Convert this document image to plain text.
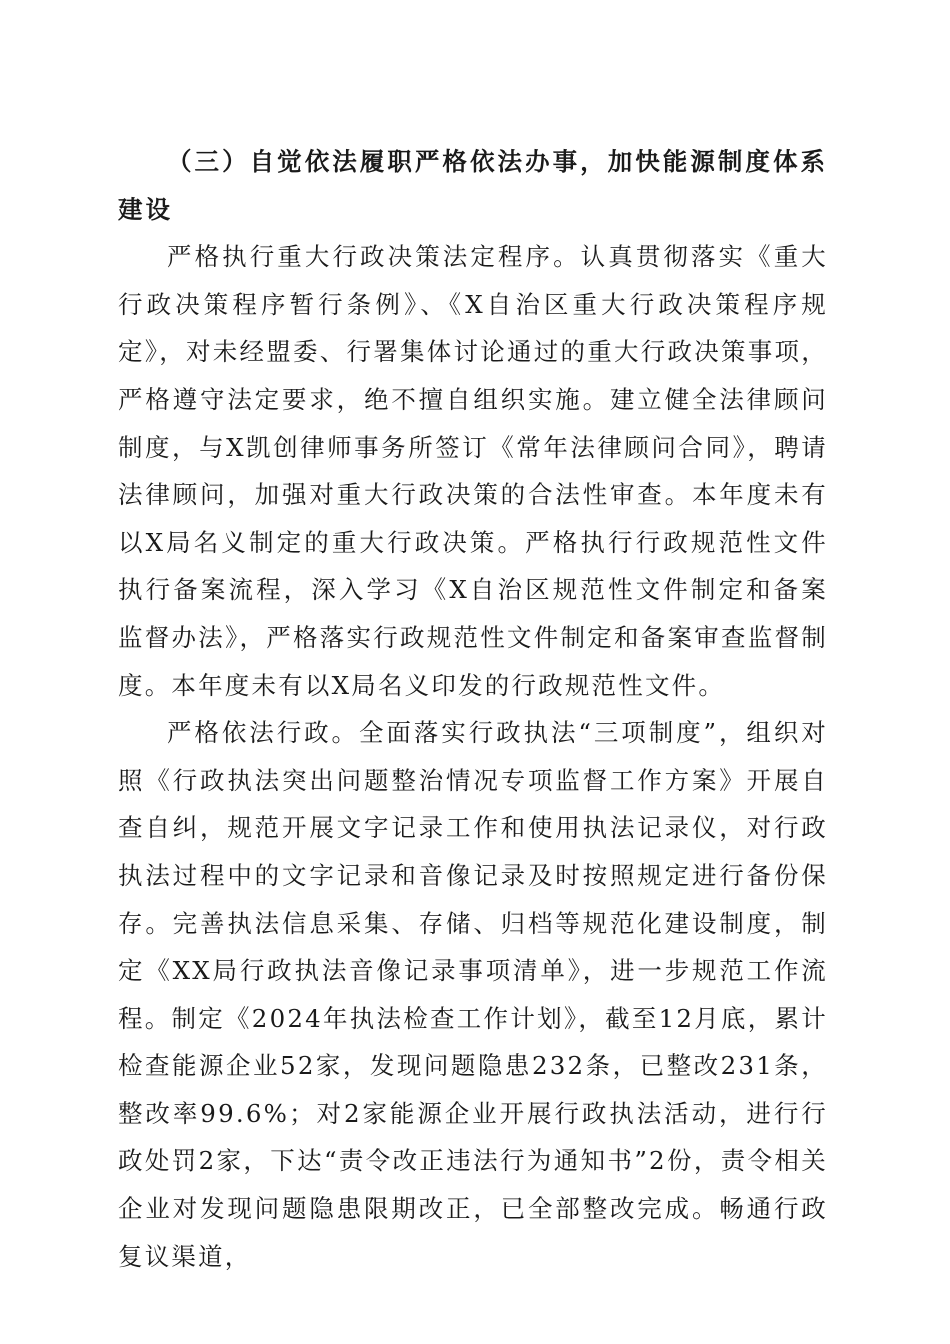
（三）自觉依法履职严格依法办事，加快能源制度体系建设

严格执行重大行政决策法定程序。认真贯彻落实《重大行政决策程序暂行条例》、《X自治区重大行政决策程序规定》，对未经盟委、行署集体讨论通过的重大行政决策事项，严格遵守法定要求，绝不擅自组织实施。建立健全法律顾问制度，与X凯创律师事务所签订《常年法律顾问合同》，聘请法律顾问，加强对重大行政决策的合法性审查。本年度未有以X局名义制定的重大行政决策。严格执行行政规范性文件执行备案流程，深入学习《X自治区规范性文件制定和备案监督办法》，严格落实行政规范性文件制定和备案审查监督制度。本年度未有以X局名义印发的行政规范性文件。

严格依法行政。全面落实行政执法“三项制度”，组织对照《行政执法突出问题整治情况专项监督工作方案》开展自查自纠，规范开展文字记录工作和使用执法记录仪，对行政执法过程中的文字记录和音像记录及时按照规定进行备份保存。完善执法信息采集、存储、归档等规范化建设制度，制定《XX局行政执法音像记录事项清单》，进一步规范工作流程。制定《2024年执法检查工作计划》，截至12月底，累计检查能源企业52家，发现问题隐患232条，已整改231条，整改率99.6%；对2家能源企业开展行政执法活动，进行行政处罚2家，下达“责令改正违法行为通知书”2份，责令相关企业对发现问题隐患限期改正，已全部整改完成。畅通行政复议渠道，
